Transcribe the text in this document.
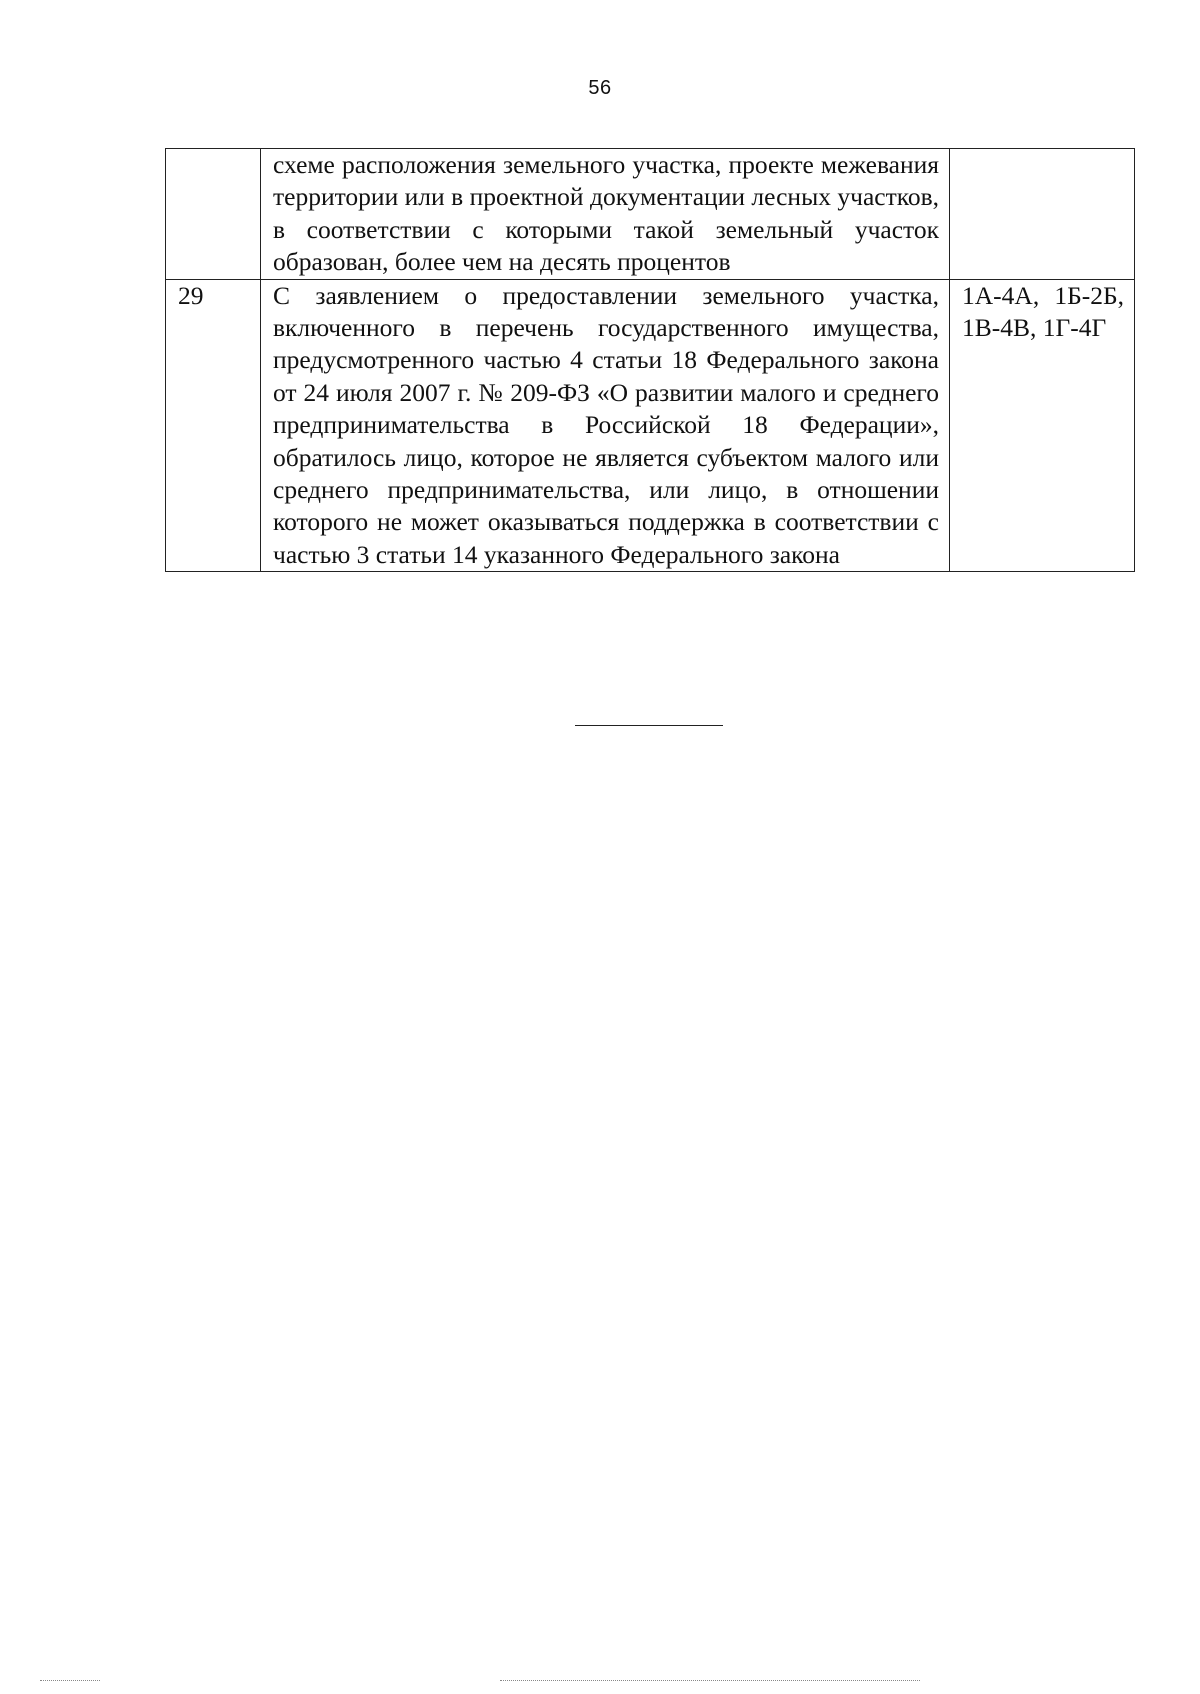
56
	схеме расположения земельного участка, проекте межевания территории или в проектной документации лесных участков, в соответствии с которыми такой земельный участок образован, более чем на десять процентов	
29	С заявлением о предоставлении земельного участка, включенного в перечень государственного имущества, предусмотренного частью 4 статьи 18 Федерального закона от 24 июля 2007 г. № 209-ФЗ «О развитии малого и среднего предпринимательства в Российской 18 Федерации», обратилось лицо, которое не является субъектом малого или среднего предпринимательства, или лицо, в отношении которого не может оказываться поддержка в соответствии с частью 3 статьи 14 указанного Федерального закона	1А-4А, 1Б-2Б, 1В-4В, 1Г-4Г
